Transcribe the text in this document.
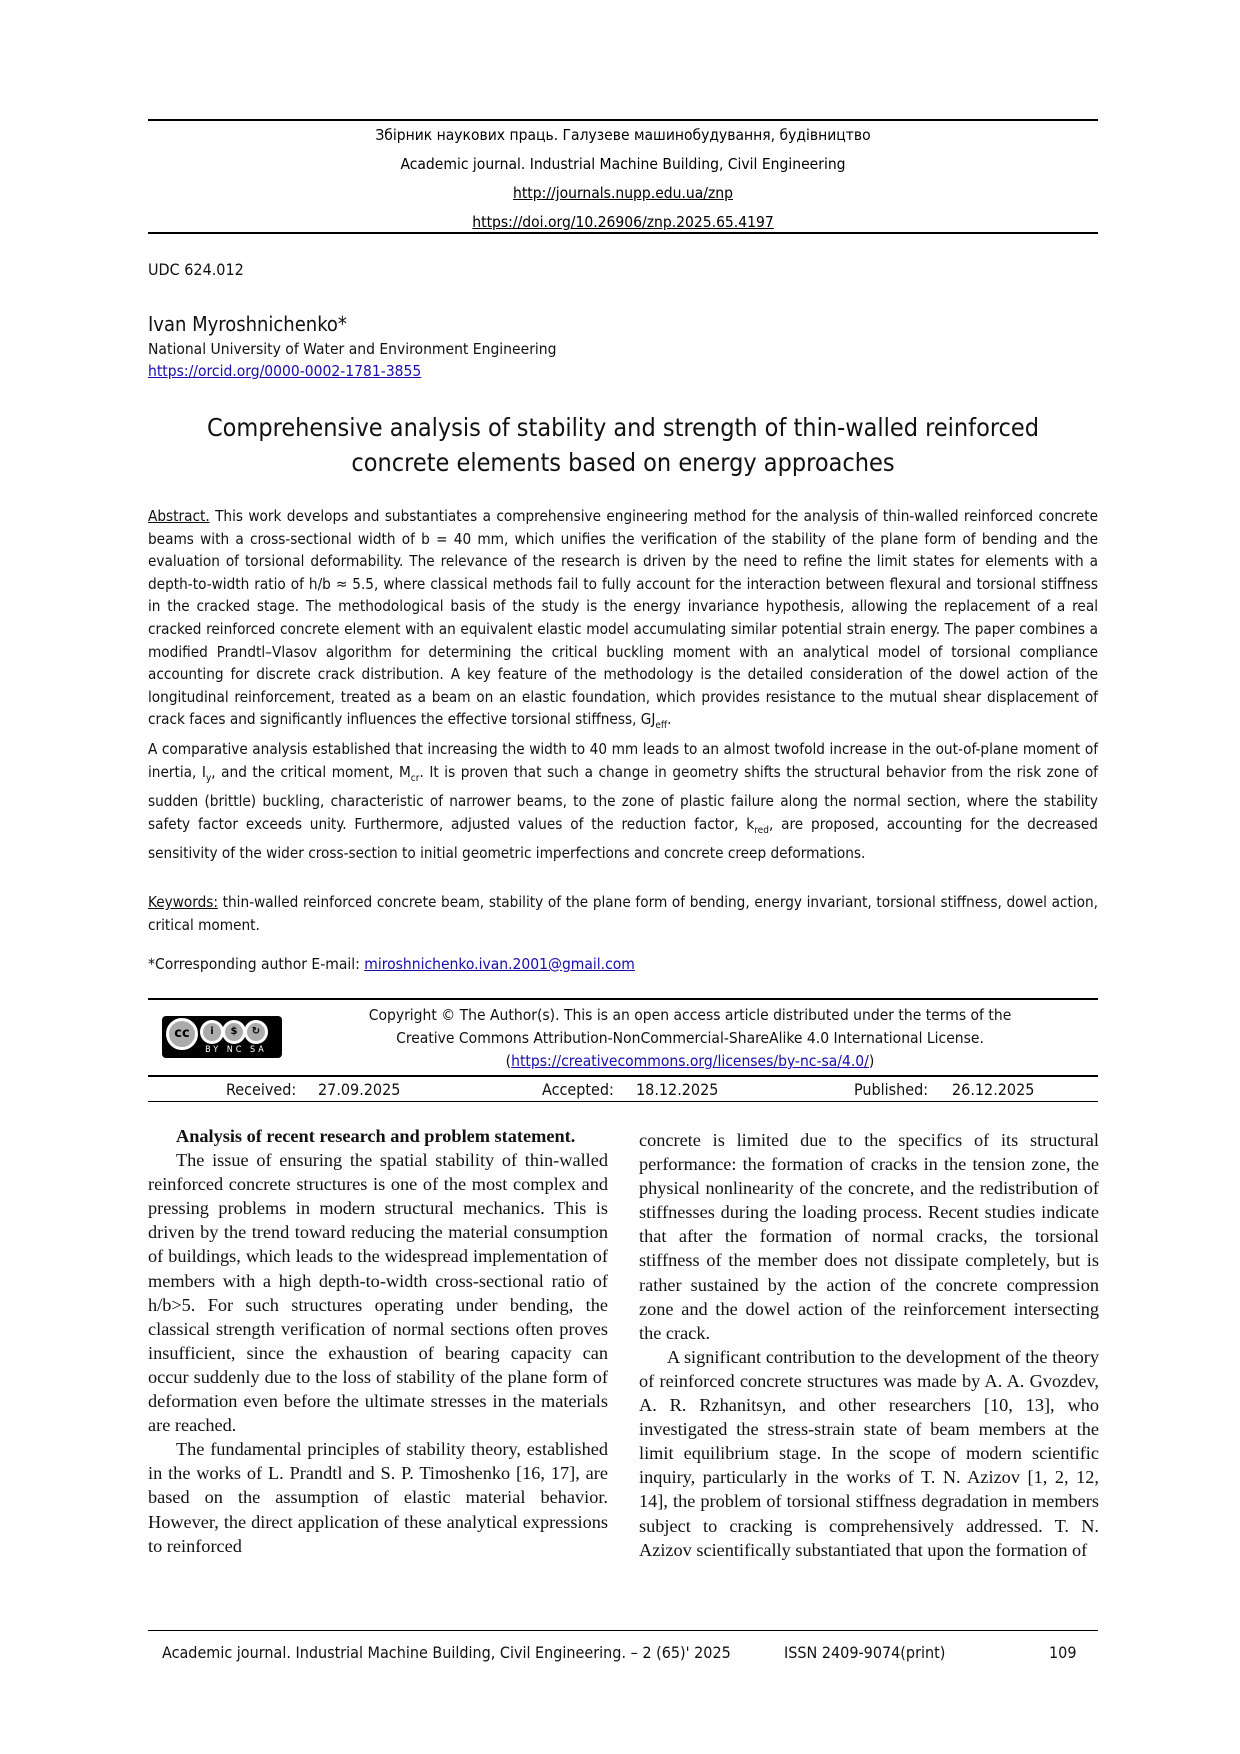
Збірник наукових праць. Галузеве машинобудування, будівництво
Academic journal. Industrial Machine Building, Civil Engineering
http://journals.nupp.edu.ua/znp
https://doi.org/10.26906/znp.2025.65.4197
UDC 624.012
Ivan Myroshnichenko*
National University of Water and Environment Engineering
https://orcid.org/0000-0002-1781-3855
Comprehensive analysis of stability and strength of thin-walled reinforced
concrete elements based on energy approaches

Abstract. This work develops and substantiates a comprehensive engineering method for the analysis of thin-walled reinforced concrete beams with a cross-sectional width of b = 40 mm, which unifies the verification of the stability of the plane form of bending and the evaluation of torsional deformability. The relevance of the research is driven by the need to refine the limit states for elements with a depth-to-width ratio of h/b ≈ 5.5, where classical methods fail to fully account for the interaction between flexural and torsional stiffness in the cracked stage. The methodological basis of the study is the energy invariance hypothesis, allowing the replacement of a real cracked reinforced concrete element with an equivalent elastic model accumulating similar potential strain energy. The paper combines a modified Prandtl–Vlasov algorithm for determining the critical buckling moment with an analytical model of torsional compliance accounting for discrete crack distribution. A key feature of the methodology is the detailed consideration of the dowel action of the longitudinal reinforcement, treated as a beam on an elastic foundation, which provides resistance to the mutual shear displacement of crack faces and significantly influences the effective torsional stiffness, $GJ_{eff}$.

A comparative analysis established that increasing the width to 40 mm leads to an almost twofold increase in the out-of-plane moment of inertia, $I_y$, and the critical moment, $M_{cr}$. It is proven that such a change in geometry shifts the structural behavior from the risk zone of sudden (brittle) buckling, characteristic of narrower beams, to the zone of plastic failure along the normal section, where the stability safety factor exceeds unity. Furthermore, adjusted values of the reduction factor, $k_{red}$, are proposed, accounting for the decreased sensitivity of the wider cross-section to initial geometric imperfections and concrete creep deformations.

Keywords: thin-walled reinforced concrete beam, stability of the plane form of bending, energy invariant, torsional stiffness, dowel action, critical moment.
*Corresponding author E-mail: miroshnichenko.ivan.2001@gmail.com
cc	i	$	↻
BY NC SA
Copyright © The Author(s). This is an open access article distributed under the terms of the
Creative Commons Attribution-NonCommercial-ShareAlike 4.0 International License.
(https://creativecommons.org/licenses/by-nc-sa/4.0/)
Received: 27.09.2025	Accepted: 18.12.2025	Published: 26.12.2025

Analysis of recent research and problem statement.

The issue of ensuring the spatial stability of thin-walled reinforced concrete structures is one of the most complex and pressing problems in modern structural mechanics. This is driven by the trend toward reducing the material consumption of buildings, which leads to the widespread implementation of members with a high depth-to-width cross-sectional ratio of h/b>5. For such structures operating under bending, the classical strength verification of normal sections often proves insufficient, since the exhaustion of bearing capacity can occur suddenly due to the loss of stability of the plane form of deformation even before the ultimate stresses in the materials are reached.

The fundamental principles of stability theory, established in the works of L. Prandtl and S. P. Timoshenko [16, 17], are based on the assumption of elastic material behavior. However, the direct application of these analytical expressions to reinforced

concrete is limited due to the specifics of its structural performance: the formation of cracks in the tension zone, the physical nonlinearity of the concrete, and the redistribution of stiffnesses during the loading process. Recent studies indicate that after the formation of normal cracks, the torsional stiffness of the member does not dissipate completely, but is rather sustained by the action of the concrete compression zone and the dowel action of the reinforcement intersecting the crack.

A significant contribution to the development of the theory of reinforced concrete structures was made by A. A. Gvozdev, A. R. Rzhanitsyn, and other researchers [10, 13], who investigated the stress-strain state of beam members at the limit equilibrium stage. In the scope of modern scientific inquiry, particularly in the works of T. N. Azizov [1, 2, 12, 14], the problem of torsional stiffness degradation in members subject to cracking is comprehensively addressed. T. N. Azizov scientifically substantiated that upon the formation of

Academic journal. Industrial Machine Building, Civil Engineering. – 2 (65)' 2025	ISSN 2409-9074(print)	109
